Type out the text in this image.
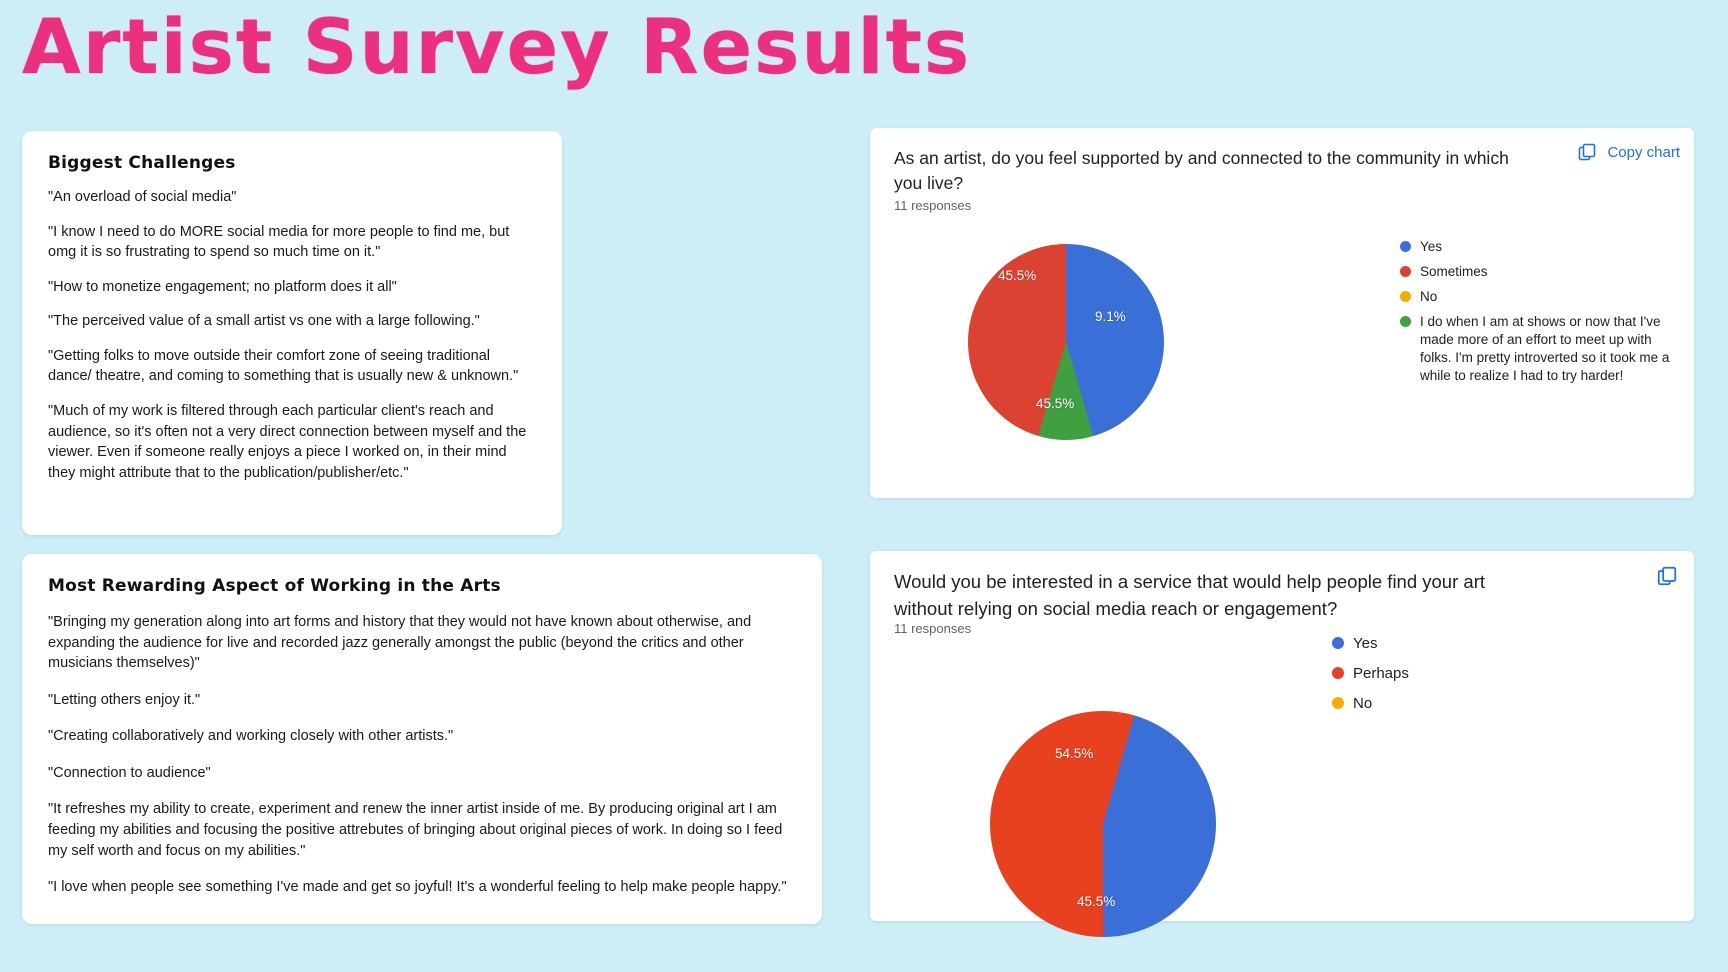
Artist Survey Results
Biggest Challenges
"An overload of social media"
"I know I need to do MORE social media for more people to find me, but omg it is so frustrating to spend so much time on it."
"How to monetize engagement; no platform does it all"
"The perceived value of a small artist vs one with a large following."
"Getting folks to move outside their comfort zone of seeing traditional dance/ theatre, and coming to something that is usually new & unknown."
"Much of my work is filtered through each particular client's reach and audience, so it's often not a very direct connection between myself and the viewer. Even if someone really enjoys a piece I worked on, in their mind they might attribute that to the publication/publisher/etc."
Most Rewarding Aspect of Working in the Arts
"Bringing my generation along into art forms and history that they would not have known about otherwise, and expanding the audience for live and recorded jazz generally amongst the public (beyond the critics and other musicians themselves)"
"Letting others enjoy it."
"Creating collaboratively and working closely with other artists."
"Connection to audience"
"It refreshes my ability to create, experiment and renew the inner artist inside of me. By producing original art I am feeding my abilities and focusing the positive attrebutes of bringing about original pieces of work. In doing so I feed my self worth and focus on my abilities."
"I love when people see something I've made and get so joyful! It's a wonderful feeling to help make people happy."
As an artist, do you feel supported by and connected to the community in which you live?
11 responses
Copy chart
45.5%
9.1%
45.5%
Yes
Sometimes
No
I do when I am at shows or now that I've made more of an effort to meet up with folks. I'm pretty introverted so it took me a while to realize I had to try harder!
Would you be interested in a service that would help people find your art without relying on social media reach or engagement?
11 responses
54.5%
45.5%
Yes
Perhaps
No
